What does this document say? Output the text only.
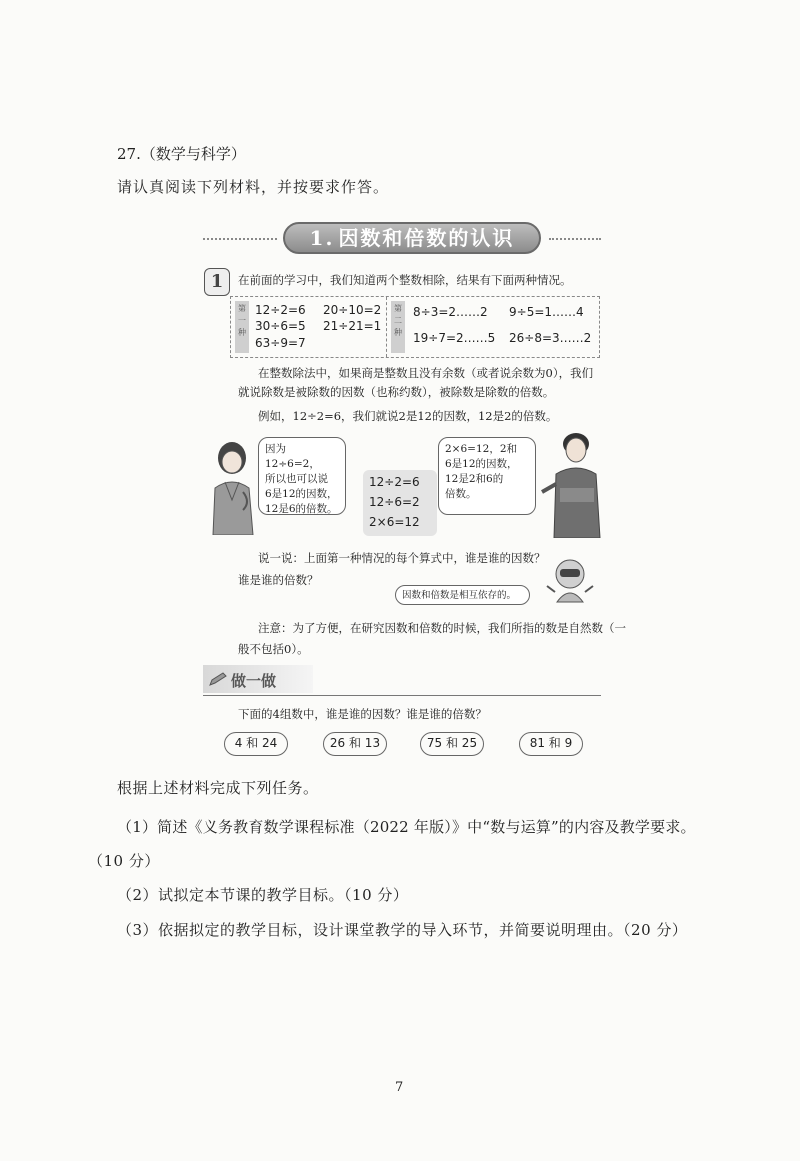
27.（数学与科学）
请认真阅读下列材料，并按要求作答。
1. 因数和倍数的认识
1	在前面的学习中，我们知道两个整数相除，结果有下面两种情况。
第一种
12÷2=6 20÷10=2
30÷6=5 21÷21=1
63÷9=7
第二种
8÷3=2……2 9÷5=1……4
19÷7=2……5 26÷8=3……2
在整数除法中，如果商是整数且没有余数（或者说余数为0），我们
就说除数是被除数的因数（也称约数），被除数是除数的倍数。
例如，12÷2=6，我们就说2是12的因数，12是2的倍数。
因为12÷6=2，
所以也可以说
6是12的因数，
12是6的倍数。
12÷2=6
12÷6=2
2×6=12
2×6=12，2和
6是12的因数，
12是2和6的
倍数。
说一说：上面第一种情况的每个算式中，谁是谁的因数？
谁是谁的倍数？
因数和倍数是相互依存的。
注意：为了方便，在研究因数和倍数的时候，我们所指的数是自然数（一
般不包括0）。
做一做
下面的4组数中，谁是谁的因数？谁是谁的倍数？
4 和 24	26 和 13	75 和 25	81 和 9
根据上述材料完成下列任务。
（1）简述《义务教育数学课程标准（2022 年版）》中“数与运算”的内容及教学要求。
（10 分）
（2）试拟定本节课的教学目标。（10 分）
（3）依据拟定的教学目标，设计课堂教学的导入环节，并简要说明理由。（20 分）
7
